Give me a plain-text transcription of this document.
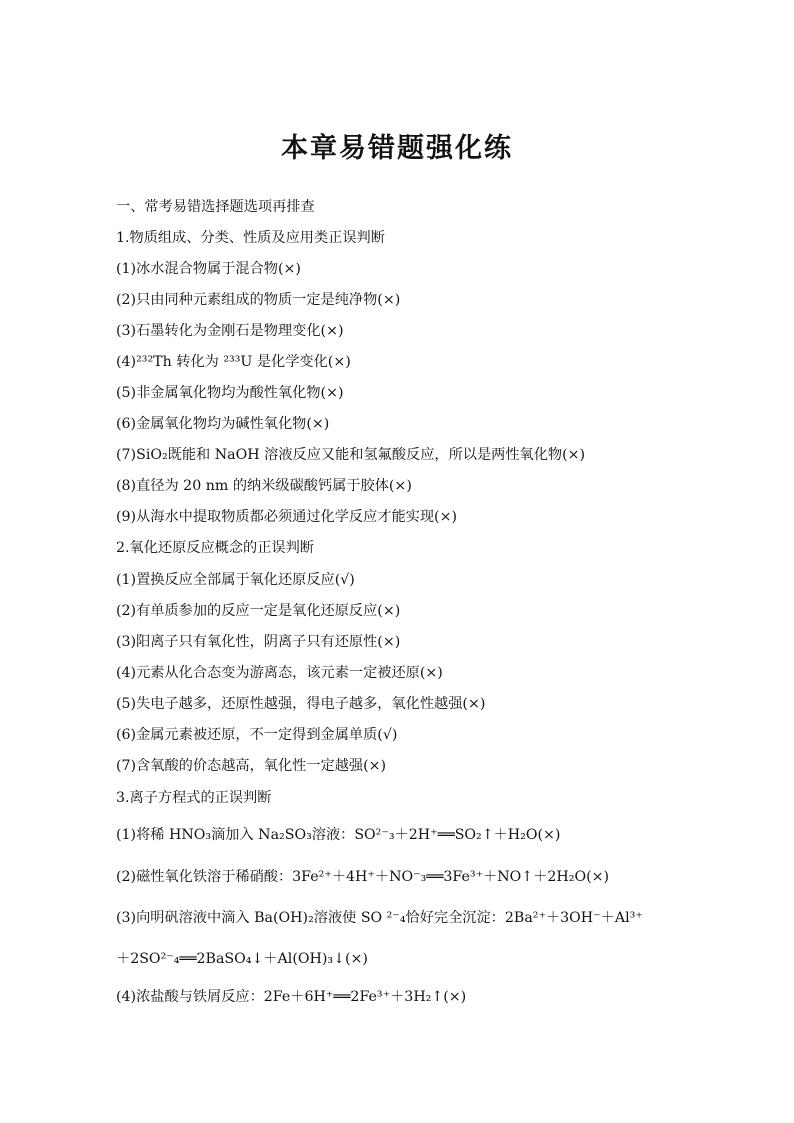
本章易错题强化练
一、常考易错选择题选项再排查
1.物质组成、分类、性质及应用类正误判断
(1)冰水混合物属于混合物(×)
(2)只由同种元素组成的物质一定是纯净物(×)
(3)石墨转化为金刚石是物理变化(×)
(4)²³²Th 转化为 ²³³U 是化学变化(×)
(5)非金属氧化物均为酸性氧化物(×)
(6)金属氧化物均为碱性氧化物(×)
(7)SiO₂既能和 NaOH 溶液反应又能和氢氟酸反应，所以是两性氧化物(×)
(8)直径为 20 nm 的纳米级碳酸钙属于胶体(×)
(9)从海水中提取物质都必须通过化学反应才能实现(×)
2.氧化还原反应概念的正误判断
(1)置换反应全部属于氧化还原反应(√)
(2)有单质参加的反应一定是氧化还原反应(×)
(3)阳离子只有氧化性，阴离子只有还原性(×)
(4)元素从化合态变为游离态，该元素一定被还原(×)
(5)失电子越多，还原性越强，得电子越多，氧化性越强(×)
(6)金属元素被还原，不一定得到金属单质(√)
(7)含氧酸的价态越高，氧化性一定越强(×)
3.离子方程式的正误判断
(1)将稀 HNO₃滴加入 Na₂SO₃溶液：SO²⁻₃＋2H⁺══SO₂↑＋H₂O(×)
(2)磁性氧化铁溶于稀硝酸：3Fe²⁺＋4H⁺＋NO⁻₃══3Fe³⁺＋NO↑＋2H₂O(×)
(3)向明矾溶液中滴入 Ba(OH)₂溶液使 SO ²⁻₄恰好完全沉淀：2Ba²⁺＋3OH⁻＋Al³⁺
＋2SO²⁻₄══2BaSO₄↓＋Al(OH)₃↓(×)
(4)浓盐酸与铁屑反应：2Fe＋6H⁺══2Fe³⁺＋3H₂↑(×)
